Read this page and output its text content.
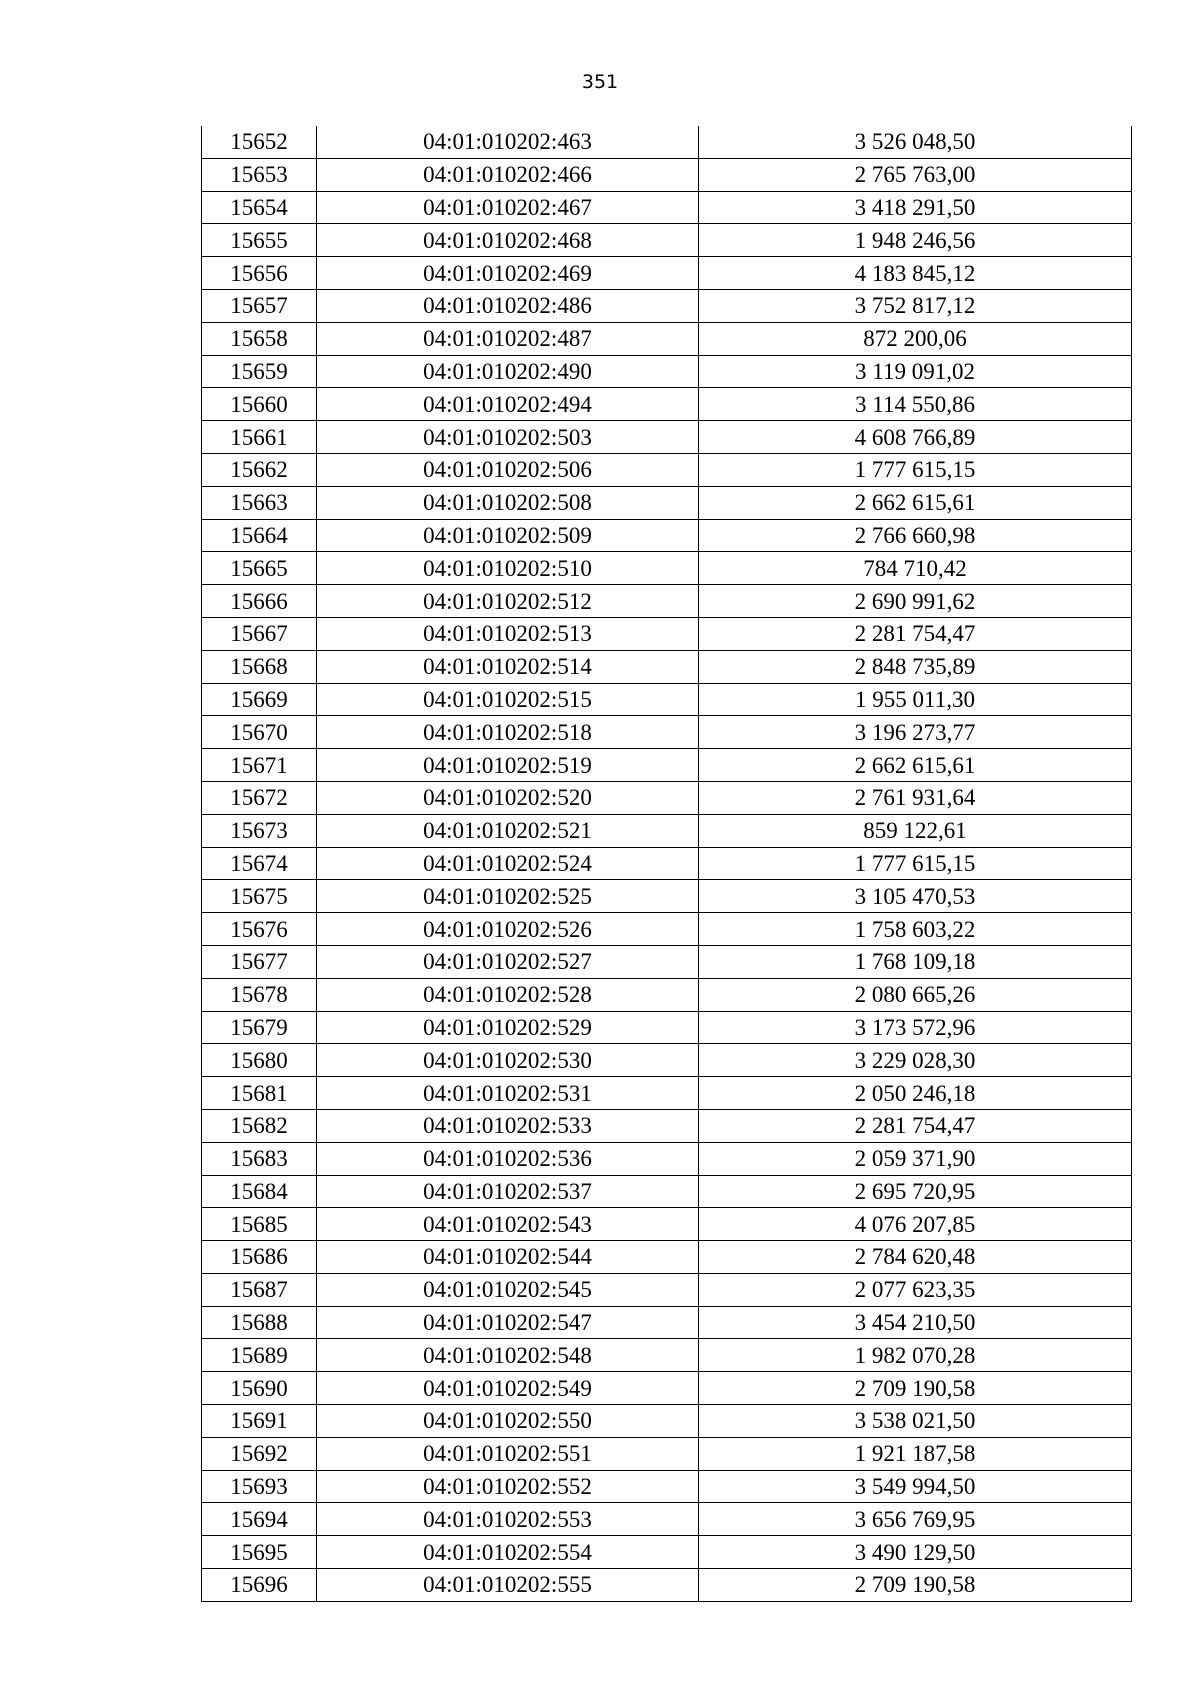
351
15652	04:01:010202:463	3 526 048,50
15653	04:01:010202:466	2 765 763,00
15654	04:01:010202:467	3 418 291,50
15655	04:01:010202:468	1 948 246,56
15656	04:01:010202:469	4 183 845,12
15657	04:01:010202:486	3 752 817,12
15658	04:01:010202:487	872 200,06
15659	04:01:010202:490	3 119 091,02
15660	04:01:010202:494	3 114 550,86
15661	04:01:010202:503	4 608 766,89
15662	04:01:010202:506	1 777 615,15
15663	04:01:010202:508	2 662 615,61
15664	04:01:010202:509	2 766 660,98
15665	04:01:010202:510	784 710,42
15666	04:01:010202:512	2 690 991,62
15667	04:01:010202:513	2 281 754,47
15668	04:01:010202:514	2 848 735,89
15669	04:01:010202:515	1 955 011,30
15670	04:01:010202:518	3 196 273,77
15671	04:01:010202:519	2 662 615,61
15672	04:01:010202:520	2 761 931,64
15673	04:01:010202:521	859 122,61
15674	04:01:010202:524	1 777 615,15
15675	04:01:010202:525	3 105 470,53
15676	04:01:010202:526	1 758 603,22
15677	04:01:010202:527	1 768 109,18
15678	04:01:010202:528	2 080 665,26
15679	04:01:010202:529	3 173 572,96
15680	04:01:010202:530	3 229 028,30
15681	04:01:010202:531	2 050 246,18
15682	04:01:010202:533	2 281 754,47
15683	04:01:010202:536	2 059 371,90
15684	04:01:010202:537	2 695 720,95
15685	04:01:010202:543	4 076 207,85
15686	04:01:010202:544	2 784 620,48
15687	04:01:010202:545	2 077 623,35
15688	04:01:010202:547	3 454 210,50
15689	04:01:010202:548	1 982 070,28
15690	04:01:010202:549	2 709 190,58
15691	04:01:010202:550	3 538 021,50
15692	04:01:010202:551	1 921 187,58
15693	04:01:010202:552	3 549 994,50
15694	04:01:010202:553	3 656 769,95
15695	04:01:010202:554	3 490 129,50
15696	04:01:010202:555	2 709 190,58
